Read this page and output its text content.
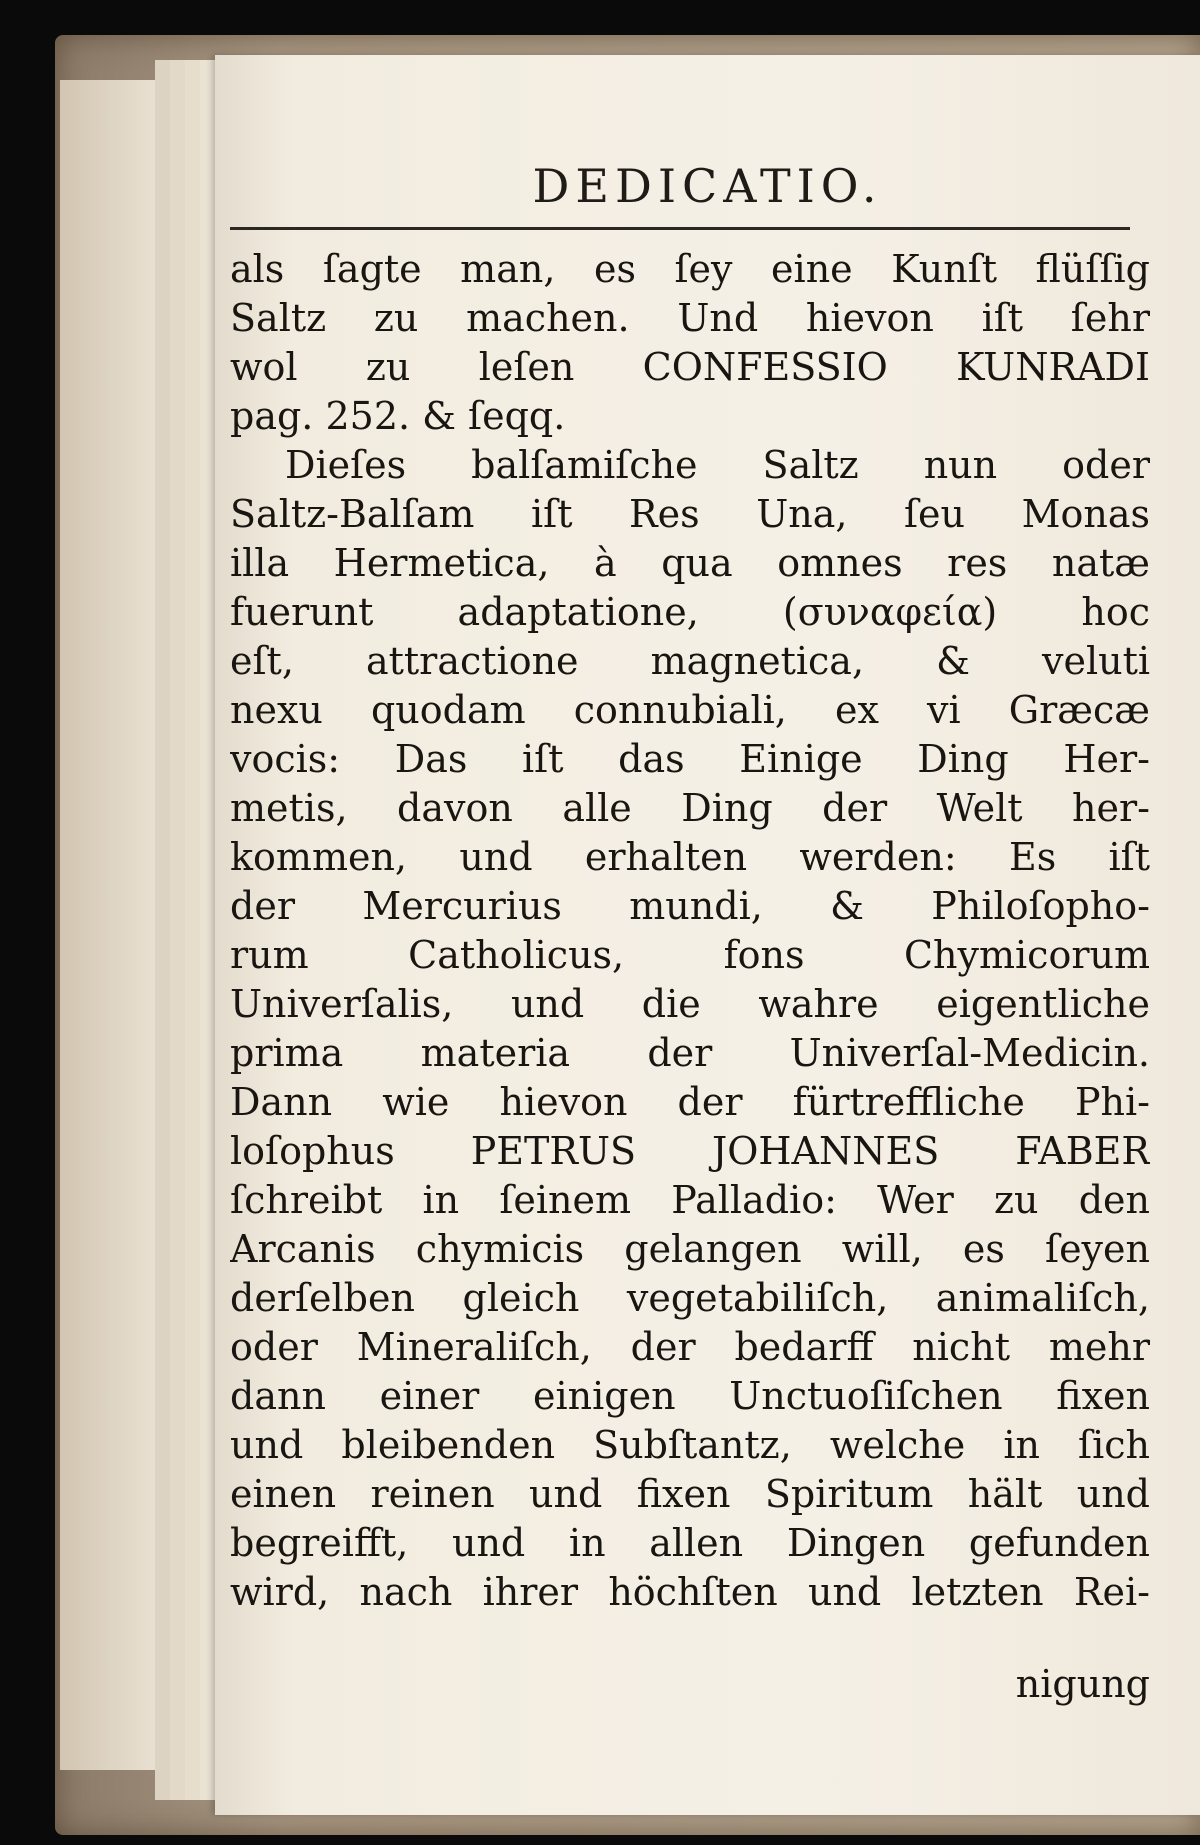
DEDICATIO.
als ſagte man, es ſey eine Kunſt flüſſig
Saltz zu machen. Und hievon iſt ſehr
wol zu leſen CONFESSIO KUNRADI
pag. 252. & ſeqq.
Dieſes balſamiſche Saltz nun oder
Saltz-Balſam iſt Res Una, ſeu Monas
illa Hermetica, à qua omnes res natæ
fuerunt adaptatione, (συναφεία) hoc
eſt, attractione magnetica, & veluti
nexu quodam connubiali, ex vi Græcæ
vocis: Das iſt das Einige Ding Her-
metis, davon alle Ding der Welt her-
kommen, und erhalten werden: Es iſt
der Mercurius mundi, & Philoſopho-
rum Catholicus, fons Chymicorum
Univerſalis, und die wahre eigentliche
prima materia der Univerſal-Medicin.
Dann wie hievon der fürtreffliche Phi-
loſophus PETRUS JOHANNES FABER
ſchreibt in ſeinem Palladio: Wer zu den
Arcanis chymicis gelangen will, es ſeyen
derſelben gleich vegetabiliſch, animaliſch,
oder Mineraliſch, der bedarff nicht mehr
dann einer einigen Unctuoſiſchen fixen
und bleibenden Subſtantz, welche in ſich
einen reinen und fixen Spiritum hält und
begreifft, und in allen Dingen gefunden
wird, nach ihrer höchſten und letzten Rei-
nigung
